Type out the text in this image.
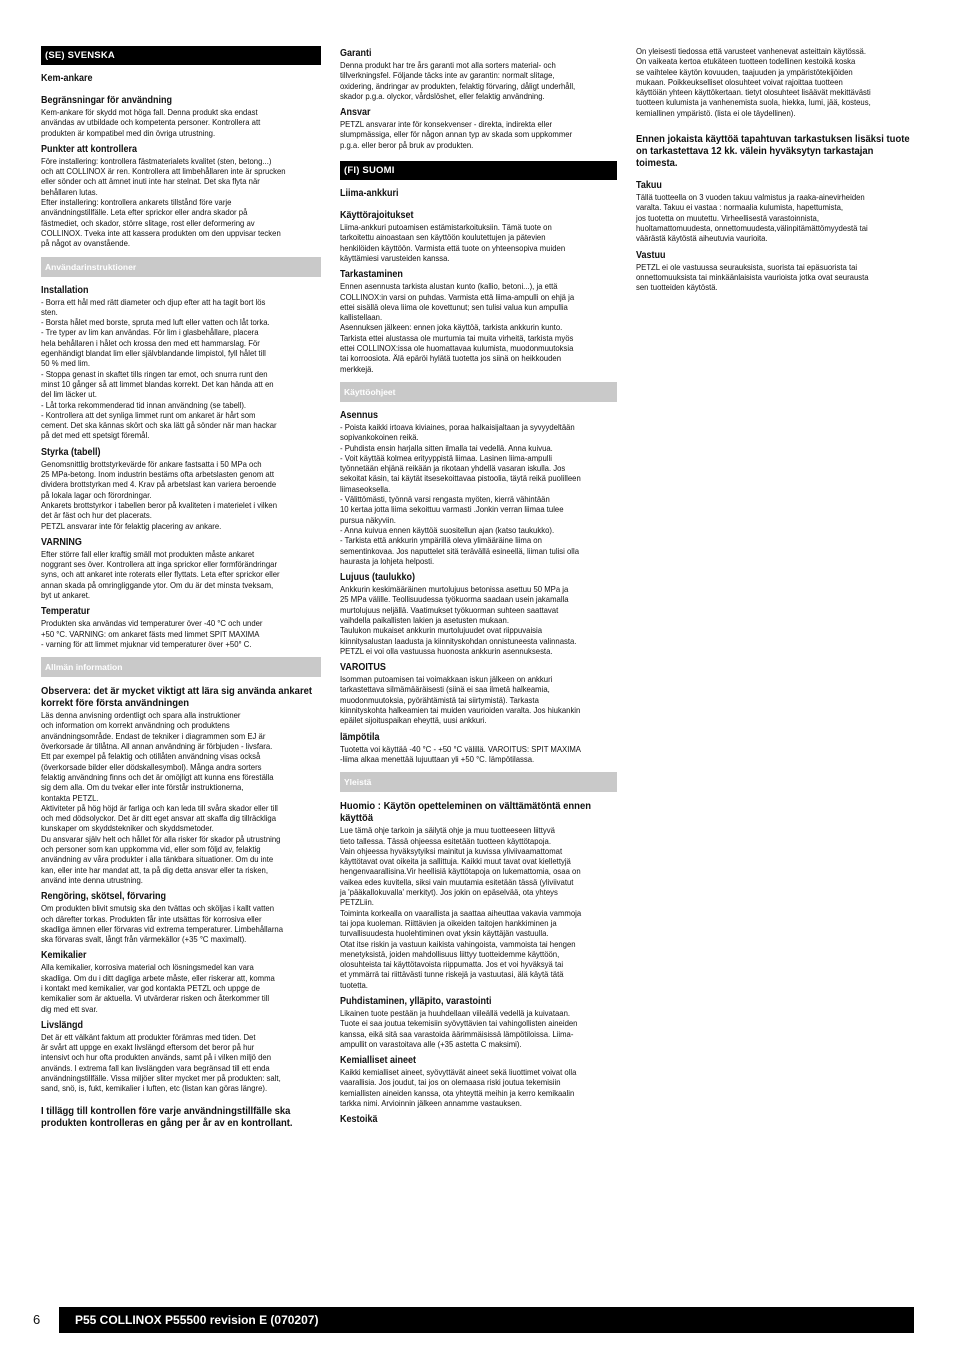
(SE) SVENSKA
Kem-ankare
Begränsningar för användning

Kem-ankare för skydd mot höga fall. Denna produkt ska endast
användas av utbildade och kompetenta personer. Kontrollera att
produkten är kompatibel med din övriga utrustning.

Punkter att kontrollera

Före installering: kontrollera fästmaterialets kvalitet (sten, betong...)
och att COLLINOX är ren. Kontrollera att limbehållaren inte är sprucken
eller sönder och att ämnet inuti inte har stelnat. Det ska flyta när
behållaren lutas.
Efter installering: kontrollera ankarets tillstånd före varje
användningstillfälle. Leta efter sprickor eller andra skador på
fästmediet, och skador, större slitage, rost eller deformering av
COLLINOX. Tveka inte att kassera produkten om den uppvisar tecken
på något av ovanstående.

Användarinstruktioner
Installation

- Borra ett hål med rätt diameter och djup efter att ha tagit bort lös
sten.
- Borsta hålet med borste, spruta med luft eller vatten och låt torka.
- Tre typer av lim kan användas. För lim i glasbehållare, placera
hela behållaren i hålet och krossa den med ett hammarslag. För
egenhändigt blandat lim eller självblandande limpistol, fyll hålet till
50 % med lim.
- Stoppa genast in skaftet tills ringen tar emot, och snurra runt den
minst 10 gånger så att limmet blandas korrekt. Det kan hända att en
del lim läcker ut.
- Låt torka rekommenderad tid innan användning (se tabell).
- Kontrollera att det synliga limmet runt om ankaret är hårt som
cement. Det ska kännas skört och ska lätt gå sönder när man hackar
på det med ett spetsigt föremål.

Styrka (tabell)

Genomsnittlig brottstyrkevärde för ankare fastsatta i 50 MPa och
25 MPa-betong. Inom industrin bestäms ofta arbetslasten genom att
dividera brottstyrkan med 4. Krav på arbetslast kan variera beroende
på lokala lagar och förordningar.
Ankarets brottstyrkor i tabellen beror på kvaliteten i materielet i vilken
det är fäst och hur det placerats.
PETZL ansvarar inte för felaktig placering av ankare.

VARNING

Efter större fall eller kraftig smäll mot produkten måste ankaret
noggrant ses över. Kontrollera att inga sprickor eller formförändringar
syns, och att ankaret inte roterats eller flyttats. Leta efter sprickor eller
annan skada på omringliggande ytor. Om du är det minsta tveksam,
byt ut ankaret.

Temperatur

Produkten ska användas vid temperaturer över -40 °C och under
+50 °C. VARNING: om ankaret fästs med limmet SPIT MAXIMA
- varning för att limmet mjuknar vid temperaturer över +50° C.

Allmän information
Observera: det är mycket viktigt att lära sig använda ankaret korrekt före första användningen

Läs denna anvisning ordentligt och spara alla instruktioner
och information om korrekt användning och produktens
användningsområde. Endast de tekniker i diagrammen som EJ är
överkorsade är tillåtna. All annan användning är förbjuden - livsfara.
Ett par exempel på felaktig och otillåten användning visas också
(överkorsade bilder eller dödskallesymbol). Många andra sorters
felaktig användning finns och det är omöjligt att kunna ens föreställa
sig dem alla. Om du tvekar eller inte förstår instruktionerna,
kontakta PETZL.
Aktiviteter på hög höjd är farliga och kan leda till svåra skador eller till
och med dödsolyckor. Det är ditt eget ansvar att skaffa dig tillräckliga
kunskaper om skyddstekniker och skyddsmetoder.
Du ansvarar själv helt och hållet för alla risker för skador på utrustning
och personer som kan uppkomma vid, eller som följd av, felaktig
användning av våra produkter i alla tänkbara situationer. Om du inte
kan, eller inte har mandat att, ta på dig detta ansvar eller ta risken,
använd inte denna utrustning.

Rengöring, skötsel, förvaring

Om produkten blivit smutsig ska den tvättas och sköljas i kallt vatten
och därefter torkas. Produkten får inte utsättas för korrosiva eller
skadliga ämnen eller förvaras vid extrema temperaturer. Limbehållarna
ska förvaras svalt, långt från värmekällor (+35 °C maximalt).

Kemikalier

Alla kemikalier, korrosiva material och lösningsmedel kan vara
skadliga. Om du i ditt dagliga arbete måste, eller riskerar att, komma
i kontakt med kemikalier, var god kontakta PETZL och uppge de
kemikalier som är aktuella. Vi utvärderar risken och återkommer till
dig med ett svar.

Livslängd

Det är ett välkänt faktum att produkter förämras med tiden. Det
är svårt att uppge en exakt livslängd eftersom det beror på hur
intensivt och hur ofta produkten används, samt på i vilken miljö den
används. I extrema fall kan livslängden vara begränsad till ett enda
användningstillfälle. Vissa miljöer sliter mycket mer på produkten: salt,
sand, snö, is, fukt, kemikalier i luften, etc (listan kan göras längre).

I tillägg till kontrollen före varje användningstillfälle ska produkten kontrolleras en gång per år av en kontrollant.
Garanti

Denna produkt har tre års garanti mot alla sorters material- och
tillverkningsfel. Följande täcks inte av garantin: normalt slitage,
oxidering, ändringar av produkten, felaktig förvaring, dåligt underhåll,
skador p.g.a. olyckor, vårdslöshet, eller felaktig användning.

Ansvar

PETZL ansvarar inte för konsekvenser - direkta, indirekta eller
slumpmässiga, eller för någon annan typ av skada som uppkommer
p.g.a. eller beror på bruk av produkten.

(FI) SUOMI
Liima-ankkuri
Käyttörajoitukset

Liima-ankkuri putoamisen estämistarkoituksiin. Tämä tuote on
tarkoitettu ainoastaan sen käyttöön koulutettujen ja pätevien
henkilöiden käyttöön. Varmista että tuote on yhteensopiva muiden
käyttämiesi varusteiden kanssa.

Tarkastaminen

Ennen asennusta tarkista alustan kunto (kallio, betoni...), ja että
COLLINOX:in varsi on puhdas. Varmista että liima-ampulli on ehjä ja
ettei sisällä oleva liima ole kovettunut; sen tulisi valua kun ampullia
kallistellaan.
Asennuksen jälkeen: ennen joka käyttöä, tarkista ankkurin kunto.
Tarkista ettei alustassa ole murtumia tai muita virheitä, tarkista myös
ettei COLLINOX:issa ole huomattavaa kulumista, muodonmuutoksia
tai korroosiota. Älä epäröi hylätä tuotetta jos siinä on heikkouden
merkkejä.

Käyttöohjeet
Asennus

- Poista kaikki irtoava kiviaines, poraa halkaisijaltaan ja syvyydeltään
sopivankokoinen reikä.
- Puhdista ensin harjalla sitten ilmalla tai vedellä. Anna kuivua.
- Voit käyttää kolmea erityyppistä liimaa. Lasinen liima-ampulli
työnnetään ehjänä reikään ja rikotaan yhdellä vasaran iskulla. Jos
sekoitat käsin, tai käytät itsesekoittavaa pistoolia, täytä reikä puolilleen
liimaseoksella.
- Välittömästi, työnnä varsi rengasta myöten, kierrä vähintään
10 kertaa jotta liima sekoittuu varmasti .Jonkin verran liimaa tulee
pursua näkyviin.
- Anna kuivua ennen käyttöä suositellun ajan (katso taukukko).
- Tarkista että ankkurin ympärillä oleva ylimääräine liima on
sementinkovaa. Jos naputtelet sitä terävällä esineellä, liiman tulisi olla
haurasta ja lohjeta helposti.

Lujuus (taulukko)

Ankkurin keskimääräinen murtolujuus betonissa asettuu 50 MPa ja
25 MPa välille. Teollisuudessa työkuorma saadaan usein jakamalla
murtolujuus neljällä. Vaatimukset työkuorman suhteen saattavat
vaihdella paikallisten lakien ja asetusten mukaan.
Taulukon mukaiset ankkurin murtolujuudet ovat riippuvaisia
kiinnitysalustan laadusta ja kiinnityskohdan onnistuneesta valinnasta.
PETZL ei voi olla vastuussa huonosta ankkurin asennuksesta.

VAROITUS

Isomman putoamisen tai voimakkaan iskun jälkeen on ankkuri
tarkastettava silmämääräisesti (siinä ei saa ilmetä halkeamia,
muodonmuutoksia, pyörähtämistä tai siirtymistä). Tarkasta
kiinnityskohta halkeamien tai muiden vaurioiden varalta. Jos hiukankin
epäilet sijoituspaikan eheyttä, uusi ankkuri.

lämpötila

Tuotetta voi käyttää -40 °C - +50 °C välillä. VAROITUS: SPIT MAXIMA
-liima alkaa menettää lujuuttaan yli +50 °C. lämpötilassa.

Yleistä
Huomio : Käytön opetteleminen on välttämätöntä ennen käyttöä

Lue tämä ohje tarkoin ja säilytä ohje ja muu tuotteeseen liittyvä
tieto tallessa. Tässä ohjeessa esitetään tuotteen käyttötapoja.
Vain ohjeessa hyväksytyiksi mainitut ja kuvissa yliviivaamattomat
käyttötavat ovat oikeita ja sallittuja. Kaikki muut tavat ovat kiellettyjä
hengenvaarallisina.Vir heellisiä käyttötapoja on lukemattomia, osaa on
vaikea edes kuvitella, siksi vain muutamia esitetään tässä (yliviivatut
ja 'pääkallokuvalla' merkityt). Jos jokin on epäselvää, ota yhteys
PETZLiin.
Toiminta korkealla on vaarallista ja saattaa aiheuttaa vakavia vammoja
tai jopa kuoleman. Riittävien ja oikeiden taitojen hankkiminen ja
turvallisuudesta huolehtiminen ovat yksin käyttäjän vastuulla.
Otat itse riskin ja vastuun kaikista vahingoista, vammoista tai hengen
menetyksistä, joiden mahdollisuus liittyy tuotteidemme käyttöön,
olosuhteista tai käyttötavoista riippumatta. Jos et voi hyväksyä tai
et ymmärrä tai riittävästi tunne riskejä ja vastuutasi, älä käytä tätä
tuotetta.

Puhdistaminen, ylläpito, varastointi

Likainen tuote pestään ja huuhdellaan viileällä vedellä ja kuivataan.
Tuote ei saa joutua tekemisiin syövyttävien tai vahingollisten aineiden
kanssa, eikä sitä saa varastoida äärimmäisissä lämpötiloissa. Liima-
ampullit on varastoitava alle (+35 astetta C maksimi).

Kemialliset aineet

Kaikki kemialliset aineet, syövyttävät aineet sekä liuottimet voivat olla
vaarallisia. Jos joudut, tai jos on olemaasa riski joutua tekemisiin
kemiallisten aineiden kanssa, ota yhteyttä meihin ja kerro kemikaalin
tarkka nimi. Arvioinnin jälkeen annamme vastauksen.

Kestoikä

On yleisesti tiedossa että varusteet vanhenevat asteittain käytössä.
On vaikeata kertoa etukäteen tuotteen todellinen kestoikä koska
se vaihtelee käytön kovuuden, taajuuden ja ympäristötekijöiden
mukaan. Poikkeukselliset olosuhteet voivat rajoittaa tuotteen
käyttöiän yhteen käyttökertaan. tietyt olosuhteet lisäävät mekittävästi
tuotteen kulumista ja vanhenemista suola, hiekka, lumi, jää, kosteus,
kemiallinen ympäristö. (lista ei ole täydellinen).

Ennen jokaista käyttöä tapahtuvan tarkastuksen lisäksi tuote on tarkastettava 12 kk. välein hyväksytyn tarkastajan toimesta.
Takuu

Tällä tuotteella on 3 vuoden takuu valmistus ja raaka-ainevirheiden
varalta. Takuu ei vastaa : normaalia kulumista, hapettumista,
jos tuotetta on muutettu. Virheellisestä varastoinnista,
huoltamattomuudesta, onnettomuudesta,välinpitämättömyydestä tai
väärästä käytöstä aiheutuvia vaurioita.

Vastuu

PETZL ei ole vastuussa seurauksista, suorista tai epäsuorista tai
onnettomuuksista tai minkäänlaisista vaurioista jotka ovat seurausta
sen tuotteiden käytöstä.

6	P55 COLLINOX P55500 revision E (070207)
